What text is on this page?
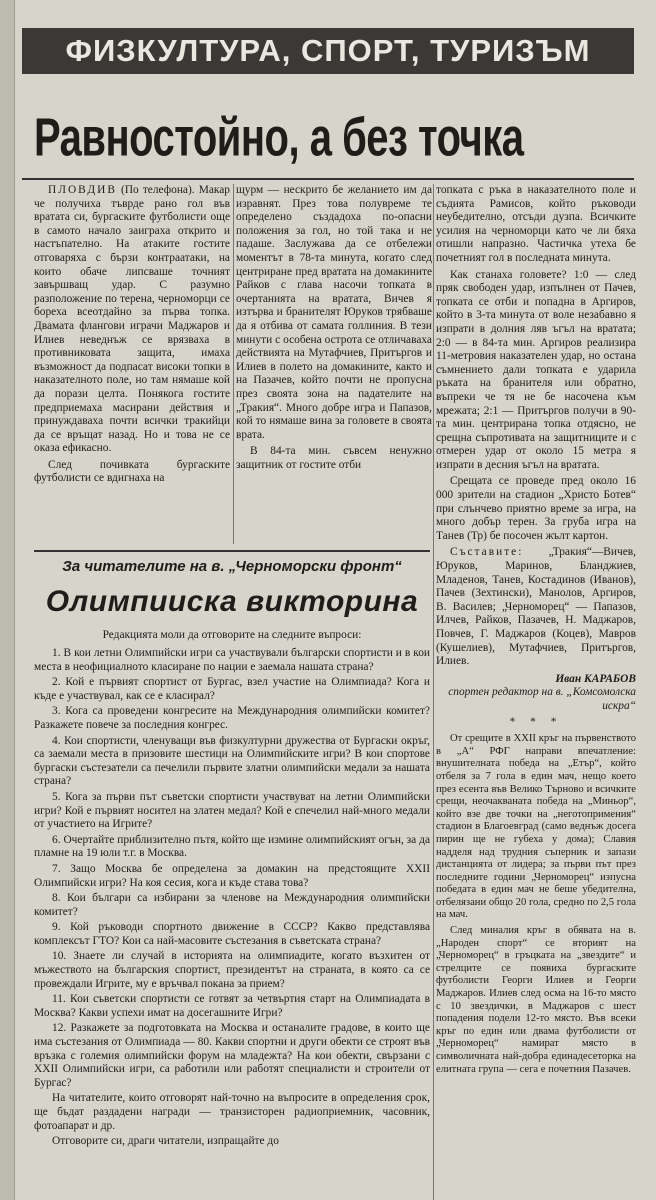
ФИЗКУЛТУРА, СПОРТ, ТУРИЗЪМ
Равностойно, а без точка

ПЛОВДИВ (По телефона). Макар че получиха тъврде рано гол във вратата си, бургаските футболисти още в самото начало заиграха открито и настъпателно. На атаките гостите отговаряха с бързи контраатаки, на които обаче липсваше точният завършващ удар. С разумно разположение по терена, черноморци се бореха всеотдайно за първа топка. Двамата флангови играчи Маджаров и Илиев неведнъж се врязваха в противниковата защита, имаха възможност да подпасат високи топки в наказателното поле, но там нямаше кой да порази целта. Понякога гостите предприемаха масирани действия и принуждаваха почти всички тракийци да се връщат назад. Но и това не се оказа ефикасно.

След почивката бургаските футболисти се вдигнаха на

щурм — нескрито бе желанието им да изравнят. През това полувреме те определено създадоха по-опасни положения за гол, но той така и не падаше. Заслужава да се отбележи моментът в 78-та минута, когато след центриране пред вратата на домакините Райков с глава насочи топката в очертанията на вратата, Вичев я изтърва и бранителят Юруков трябваше да я отбива от самата голлиния. В тези минути с особена острота се отличаваха действията на Мутафчиев, Притъргов и Илиев в полето на домакините, както и на Пазачев, който почти не пропусна през своята зона на падателите на „Тракия“. Много добре игра и Папазов, кой то нямаше вина за головете в своята врата.

В 84-та мин. съвсем ненужно защитник от гостите отби

топката с ръка в наказателното поле и съдията Рамисов, който ръководи неубедително, отсъди дузпа. Всичките усилия на черноморци като че ли бяха отишли напразно. Частичка утеха бе почетният гол в последната минута.

Как станаха головете? 1:0 — след пряк свободен удар, изпълнен от Пачев, топката се отби и попадна в Аргиров, който в 3-та минута от воле незабавно я изпрати в долния ляв ъгъл на вратата; 2:0 — в 84-та мин. Аргиров реализира 11-метровия наказателен удар, но остана съмнението дали топката е ударила ръката на бранителя или обратно, въпреки че тя не бе насочена към мрежата; 2:1 — Притъргов получи в 90-та мин. центрирана топка отдясно, не срещна съпротивата на защитниците и с отмерен удар от около 15 метра я изпрати в десния ъгъл на вратата.

Срещата се проведе пред около 16 000 зрители на стадион „Христо Ботев“ при слънчево приятно време за игра, на много добър терен. За груба игра на Танев (Тр) бе посочен жълт картон.

Съставите: „Тракия“—Вичев, Юруков, Маринов, Бланджиев, Младенов, Танев, Костадинов (Иванов), Пачев (Зехтински), Манолов, Аргиров, В. Василев; „Черноморец“ — Папазов, Илчев, Райков, Пазачев, Н. Маджаров, Повчев, Г. Маджаров (Коцев), Мавров (Кушелиев), Мутафчиев, Притъргов, Илиев.

Иван КАРАБОВ
спортен редактор на в. „Комсомолска искра“
* * *

От срещите в XXII кръг на първенството в „А“ РФГ направи впечатление: внушителната победа на „Етър“, който отбеля за 7 гола в един мач, нещо което през есента във Велико Търново и всичките срещи, неочакваната победа на „Миньор“, който взе две точки на „неготопримения“ стадион в Благоевград (само веднъж досега пирин ще не губеха у дома); Славия надделя над трудния съперник и запази дистанцията от лидера; за първи път през последните години „Черноморец“ изпусна победата в един мач не беше убедителна, отбелязани общо 20 гола, средно по 2,5 гола на мач.

След миналия кръг в обявата на в. „Народен спорт“ се вторият на „Черноморец“ в гръцката на „звездите“ и стрелците се появиха бургаските футболисти Георги Илиев и Георги Маджаров. Илиев след осма на 16-то място с 10 звездички, в Маджаров с шест попадения подели 12-то място. Във всеки кръг по един или двама футболисти от „Черноморец“ намират място в символичната най-добра единадесеторка на елитната група — сега е почетния Пазачев.

За читателите на в. „Черноморски фронт“
Олимпииска викторина
Редакцията моли да отговорите на следните въпроси:

1. В кои летни Олимпийски игри са участвували български спортисти и в кои места в неофициалното класиране по нации е заемала нашата страна?

2. Кой е първият спортист от Бургас, взел участие на Олимпиада? Кога и къде е участвувал, как се е класирал?

3. Кога са проведени конгресите на Международния олимпийски комитет? Разкажете повече за последния конгрес.

4. Кои спортисти, членуващи във физкултурни дружества от Бургаски окръг, са заемали места в призовите шестици на Олимпийските игри? В кои спортове бургаски състезатели са печелили първите златни олимпийски медали за нашата страна?

5. Кога за първи път съветски спортисти участвуват на летни Олимпийски игри? Кой е първият носител на златен медал? Кой е спечелил най-много медали от участието на Игрите?

6. Очертайте приблизително пътя, който ще измине олимпийският огън, за да пламне на 19 юли т.г. в Москва.

7. Защо Москва бе определена за домакин на предстоящите XXII Олимпийски игри? На коя сесия, кога и къде става това?

8. Кои българи са избирани за членове на Международния олимпийски комитет?

9. Кой ръководи спортното движение в СССР? Какво представлява комплексът ГТО? Кои са най-масовите състезания в съветската страна?

10. Знаете ли случай в историята на олимпиадите, когато възхитен от мъжеството на българския спортист, президентът на страната, в която са се провеждали Игрите, му е връчвал покана за прием?

11. Кои съветски спортисти се готвят за четвъртия старт на Олимпиадата в Москва? Какви успехи имат на досегашните Игри?

12. Разкажете за подготовката на Москва и останалите градове, в които ще има състезания от Олимпиада — 80. Какви спортни и други обекти се строят във връзка с големия олимпийски форум на младежта? На кои обекти, свързани с XXII Олимпийски игри, са работили или работят специалисти и строители от Бургас?

На читателите, които отговорят най-точно на въпросите в определения срок, ще бъдат раздадени награди — транзисторен радиоприемник, часовник, фотоапарат и др.

Отговорите си, драги читатели, изпращайте до
